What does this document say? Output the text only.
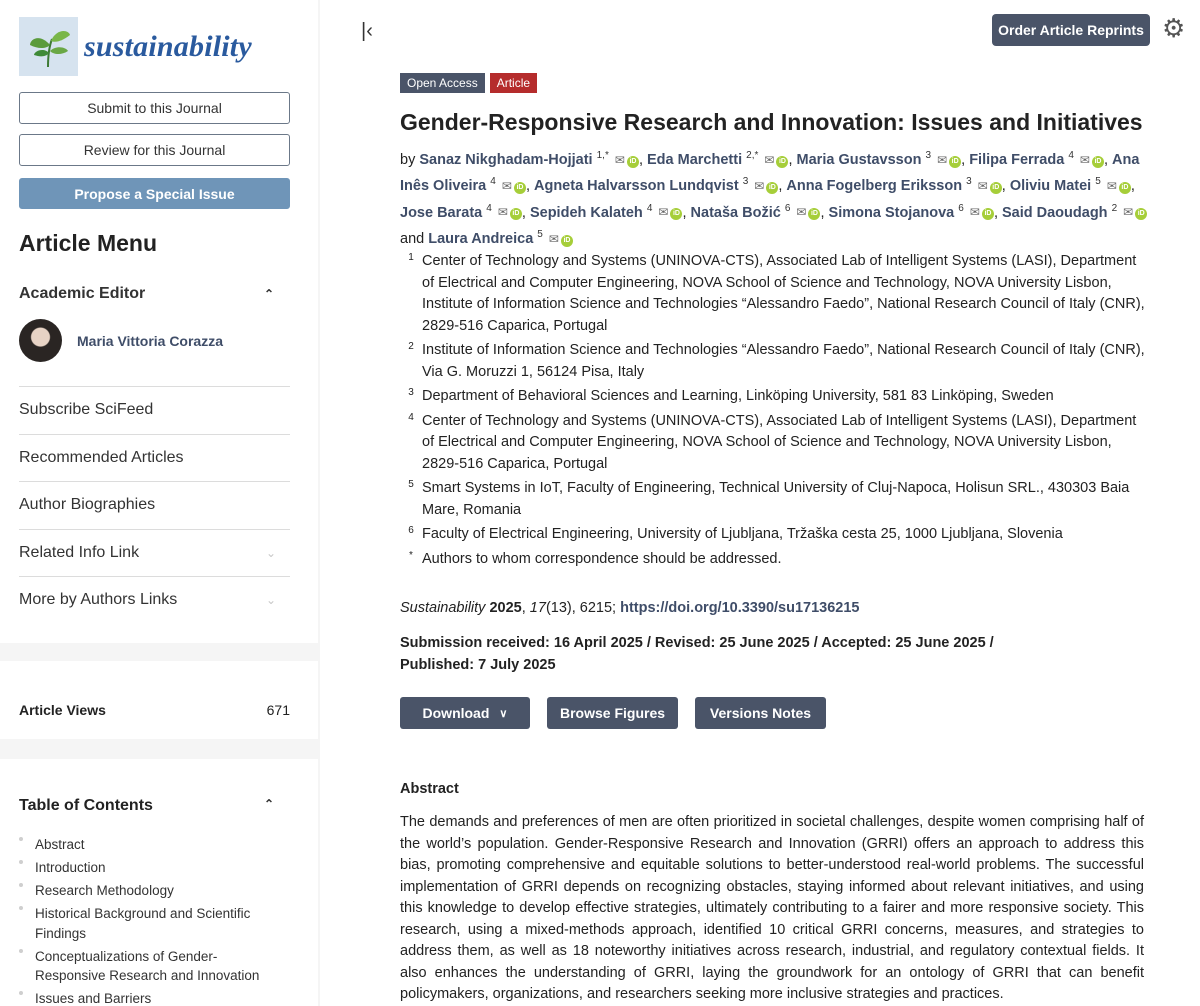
sustainability
Submit to this Journal
Review for this Journal
Propose a Special Issue
Article Menu
Academic Editor	⌃
Maria Vittoria Corazza
Subscribe SciFeed
Recommended Articles
Author Biographies
Related Info Link	⌄
More by Authors Links	⌄
Article Views	671
Table of Contents	⌃
Abstract
Introduction
Research Methodology
Historical Background and Scientific Findings
Conceptualizations of Gender-Responsive Research and Innovation
Issues and Barriers
|‹	Order Article Reprints ⚙
Open Access	Article
Gender-Responsive Research and Innovation: Issues and Initiatives
by Sanaz Nikghadam-Hojjati $^{1,*}$ ✉ iD , Eda Marchetti $^{2,*}$ ✉ iD , Maria Gustavsson $^3$ ✉ iD , Filipa Ferrada $^4$ ✉ iD , Ana Inês Oliveira $^4$ ✉ iD , Agneta Halvarsson Lundqvist $^3$ ✉ iD , Anna Fogelberg Eriksson $^3$ ✉ iD , Oliviu Matei $^5$ ✉ iD , Jose Barata $^4$ ✉ iD , Sepideh Kalateh $^4$ ✉ iD , Nataša Božić $^6$ ✉ iD , Simona Stojanova $^6$ ✉ iD , Said Daoudagh $^2$ ✉ iD and Laura Andreica $^5$ ✉ iD
1 Center of Technology and Systems (UNINOVA-CTS), Associated Lab of Intelligent Systems (LASI), Department of Electrical and Computer Engineering, NOVA School of Science and Technology, NOVA University Lisbon, Institute of Information Science and Technologies “Alessandro Faedo”, National Research Council of Italy (CNR), 2829-516 Caparica, Portugal
2 Institute of Information Science and Technologies “Alessandro Faedo”, National Research Council of Italy (CNR), Via G. Moruzzi 1, 56124 Pisa, Italy
3 Department of Behavioral Sciences and Learning, Linköping University, 581 83 Linköping, Sweden
4 Center of Technology and Systems (UNINOVA-CTS), Associated Lab of Intelligent Systems (LASI), Department of Electrical and Computer Engineering, NOVA School of Science and Technology, NOVA University Lisbon, 2829-516 Caparica, Portugal
5 Smart Systems in IoT, Faculty of Engineering, Technical University of Cluj-Napoca, Holisun SRL., 430303 Baia Mare, Romania
6 Faculty of Electrical Engineering, University of Ljubljana, Tržaška cesta 25, 1000 Ljubljana, Slovenia
* Authors to whom correspondence should be addressed.
Sustainability 2025, 17(13), 6215; https://doi.org/10.3390/su17136215
Submission received: 16 April 2025 / Revised: 25 June 2025 / Accepted: 25 June 2025 / Published: 7 July 2025
Download ∨	Browse Figures	Versions Notes
Abstract

The demands and preferences of men are often prioritized in societal challenges, despite women comprising half of the world’s population. Gender-Responsive Research and Innovation (GRRI) offers an approach to address this bias, promoting comprehensive and equitable solutions to better-understood real-world problems. The successful implementation of GRRI depends on recognizing obstacles, staying informed about relevant initiatives, and using this knowledge to develop effective strategies, ultimately contributing to a fairer and more responsive society. This research, using a mixed-methods approach, identified 10 critical GRRI concerns, measures, and strategies to address them, as well as 18 noteworthy initiatives across research, industrial, and regulatory contextual fields. It also enhances the understanding of GRRI, laying the groundwork for an ontology of GRRI that can benefit policymakers, organizations, and researchers seeking more inclusive strategies and practices.
